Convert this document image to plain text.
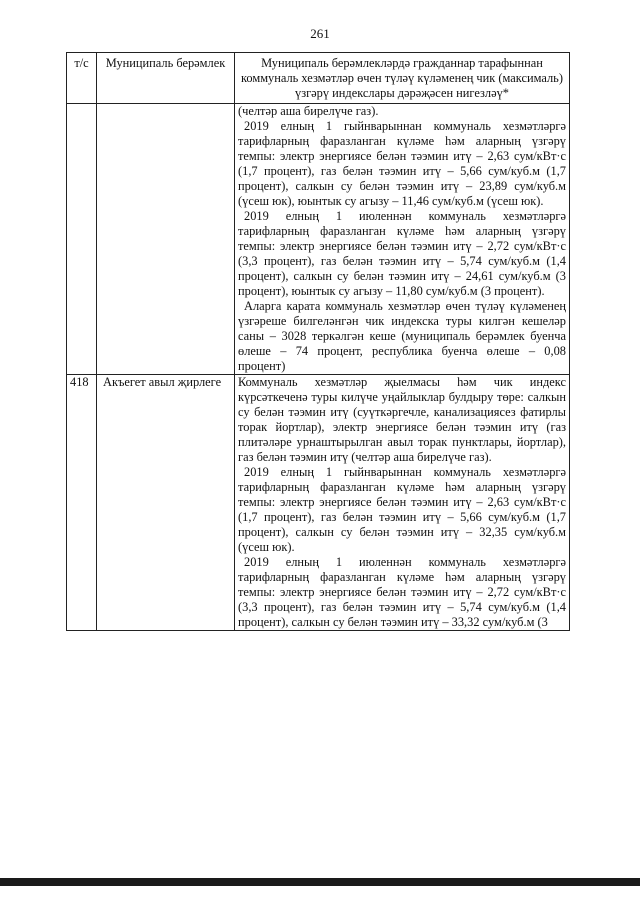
261
т/с	Муниципаль берәмлек	Муниципаль берәмлекләрдә гражданнар тарафыннан коммуналь хезмәтләр өчен түләү күләменең чик (максималь) үзгәрү индекслары дәрәҗәсен нигезләү*

		(челтәр аша бирелүче газ).

2019 елның 1 гыйнварыннан коммуналь хезмәтләргә тарифларның фаразланган күләме һәм аларның үзгәрү темпы: электр энергиясе белән тәэмин итү – 2,63 сум/кВт·с (1,7 процент), газ белән тәэмин итү – 5,66 сум/куб.м (1,7 процент), салкын су белән тәэмин итү – 23,89 сум/куб.м (үсеш юк), юынтык су агызу – 11,46 сум/куб.м (үсеш юк).

2019 елның 1 июленнән коммуналь хезмәтләргә тарифларның фаразланган күләме һәм аларның үзгәрү темпы: электр энергиясе белән тәэмин итү – 2,72 сум/кВт·с (3,3 процент), газ белән тәэмин итү – 5,74 сум/куб.м (1,4 процент), салкын су белән тәэмин итү – 24,61 сум/куб.м (3 процент), юынтык су агызу – 11,80 сум/куб.м (3 процент).

Аларга карата коммуналь хезмәтләр өчен түләү күләменең үзгәреше билгеләнгән чик индекска туры килгән кешеләр саны – 3028 теркәлгән кеше (муниципаль берәмлек буенча өлеше – 74 процент, республика буенча өлеше – 0,08 процент)

418	Акъегет авыл җирлеге	Коммуналь хезмәтләр җыелмасы һәм чик индекс күрсәткеченә туры килүче уңайлыклар булдыру төре: салкын су белән тәэмин итү (суүткәргечле, канализациясез фатирлы торак йортлар), электр энергиясе белән тәэмин итү (газ плитәләре урнаштырылган авыл торак пунктлары, йортлар), газ белән тәэмин итү (челтәр аша бирелүче газ).

2019 елның 1 гыйнварыннан коммуналь хезмәтләргә тарифларның фаразланган күләме һәм аларның үзгәрү темпы: электр энергиясе белән тәэмин итү – 2,63 сум/кВт·с (1,7 процент), газ белән тәэмин итү – 5,66 сум/куб.м (1,7 процент), салкын су белән тәэмин итү – 32,35 сум/куб.м (үсеш юк).

2019 елның 1 июленнән коммуналь хезмәтләргә тарифларның фаразланган күләме һәм аларның үзгәрү темпы: электр энергиясе белән тәэмин итү – 2,72 сум/кВт·с (3,3 процент), газ белән тәэмин итү – 5,74 сум/куб.м (1,4 процент), салкын су белән тәэмин итү – 33,32 сум/куб.м (3
